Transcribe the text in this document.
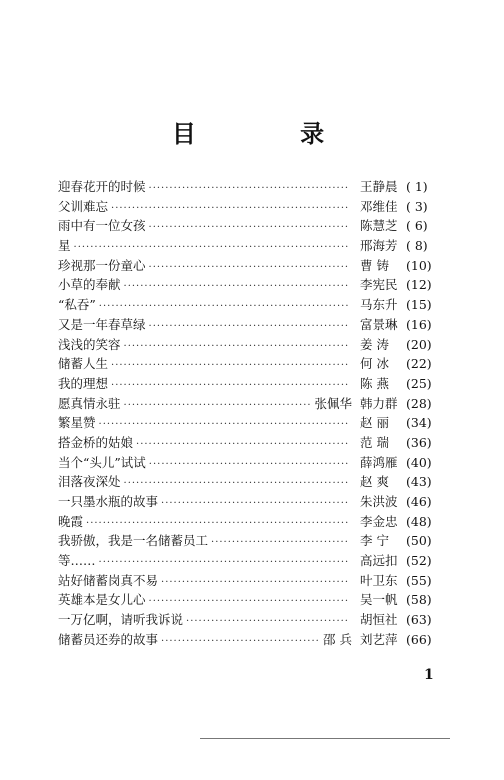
目 录
迎春花开的时候 ·····	王静晨 ( 1)
父训难忘 ·····	邓维佳 ( 3)
雨中有一位女孩 ·····	陈慧芝 ( 6)
星 ·····	邢海芳 ( 8)
珍视那一份童心 ·····	曹 铸	(10)
小草的奉献 ·····	李宪民 (12)
“私吞” ·····	马东升 (15)
又是一年春草绿 ·····	富景琳 (16)
浅浅的笑容 ·····	姜 涛	(20)
储蓄人生 ·····	何 冰	(22)
我的理想 ·····	陈 燕	(25)
愿真情永驻 ·····	张佩华 韩力群 (28)
繁星赞 ·····	赵 丽	(34)
搭金桥的姑娘 ·····	范 瑞	(36)
当个“头儿”试试 ·····	薛鸿雁 (40)
泪落夜深处 ·····	赵 爽	(43)
一只墨水瓶的故事 ·····	朱洪波 (46)
晚霞 ·····	李金忠 (48)
我骄傲，我是一名储蓄员工 ·····	李 宁	(50)
等…… ·····	高远扣 (52)
站好储蓄岗真不易 ·····	叶卫东 (55)
英雄本是女儿心 ·····	吴一帆 (58)
一万亿啊，请听我诉说 ·····	胡恒社 (63)
储蓄员还券的故事 ·····	邵 兵 刘艺萍 (66)
1
